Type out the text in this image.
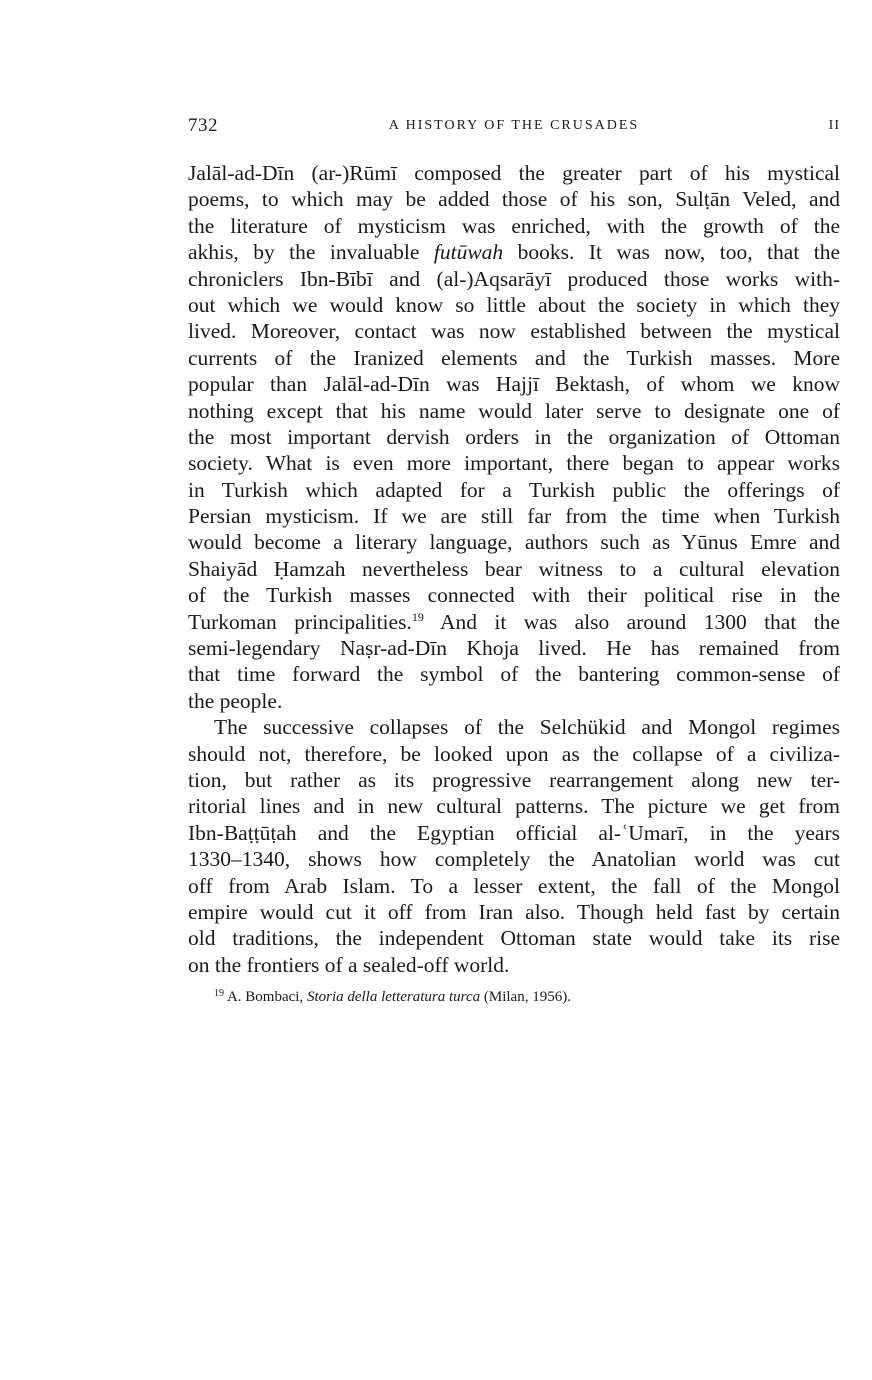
732	A HISTORY OF THE CRUSADES	II
Jalāl-ad-Dīn (ar-)Rūmī composed the greater part of his mystical
poems, to which may be added those of his son, Sulṭān Veled, and
the literature of mysticism was enriched, with the growth of the
akhis, by the invaluable futūwah books. It was now, too, that the
chroniclers Ibn-Bībī and (al-)Aqsarāyī produced those works with-
out which we would know so little about the society in which they
lived. Moreover, contact was now established between the mystical
currents of the Iranized elements and the Turkish masses. More
popular than Jalāl-ad-Dīn was Hajjī Bektash, of whom we know
nothing except that his name would later serve to designate one of
the most important dervish orders in the organization of Ottoman
society. What is even more important, there began to appear works
in Turkish which adapted for a Turkish public the offerings of
Persian mysticism. If we are still far from the time when Turkish
would become a literary language, authors such as Yūnus Emre and
Shaiyād Ḥamzah nevertheless bear witness to a cultural elevation
of the Turkish masses connected with their political rise in the
Turkoman principalities.$^{19}$ And it was also around 1300 that the
semi-legendary Naṣr-ad-Dīn Khoja lived. He has remained from
that time forward the symbol of the bantering common-sense of
the people.
The successive collapses of the Selchükid and Mongol regimes
should not, therefore, be looked upon as the collapse of a civiliza-
tion, but rather as its progressive rearrangement along new ter-
ritorial lines and in new cultural patterns. The picture we get from
Ibn-Baṭṭūṭah and the Egyptian official al-ʿUmarī, in the years
1330–1340, shows how completely the Anatolian world was cut
off from Arab Islam. To a lesser extent, the fall of the Mongol
empire would cut it off from Iran also. Though held fast by certain
old traditions, the independent Ottoman state would take its rise
on the frontiers of a sealed-off world.
$^{19}$ A. Bombaci, Storia della letteratura turca (Milan, 1956).
